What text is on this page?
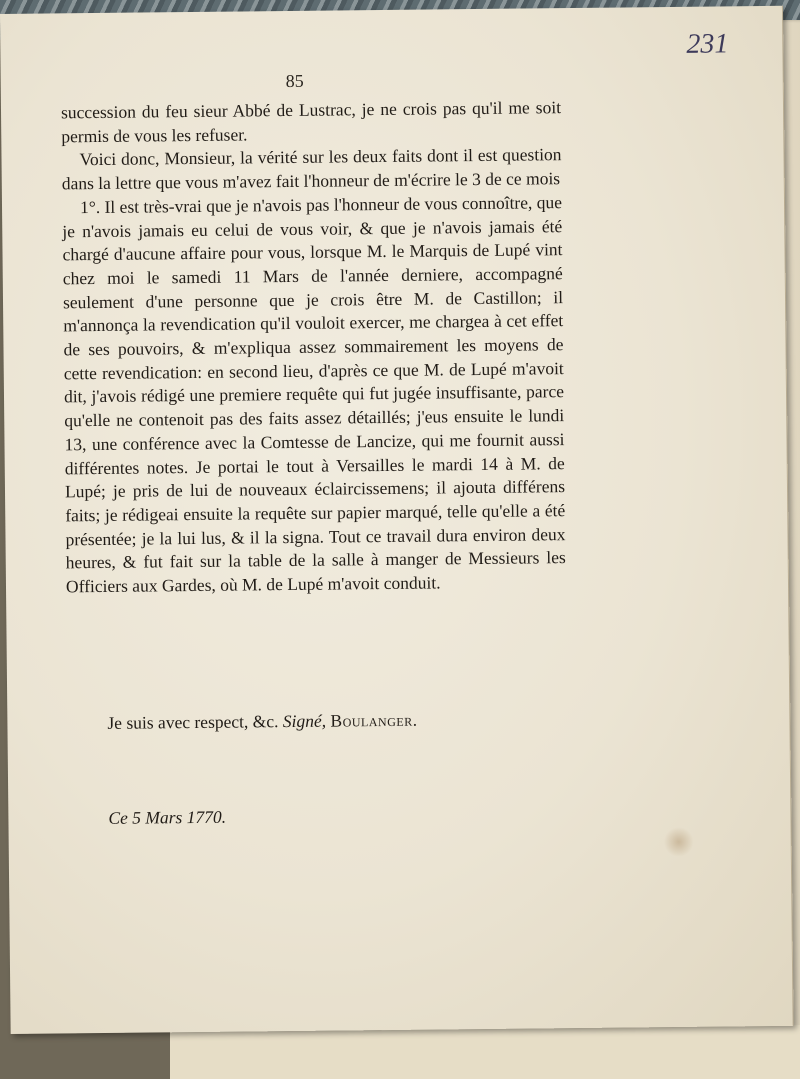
231
85

succession du feu sieur Abbé de Lustrac, je ne crois pas qu'il me soit permis de vous les refuser.

Voici donc, Monsieur, la vérité sur les deux faits dont il est question dans la lettre que vous m'avez fait l'honneur de m'écrire le 3 de ce mois

1°. Il est très-vrai que je n'avois pas l'honneur de vous connoître, que je n'avois jamais eu celui de vous voir, & que je n'avois jamais été chargé d'aucune affaire pour vous, lorsque M. le Marquis de Lupé vint chez moi le samedi 11 Mars de l'année derniere, accompagné seulement d'une personne que je crois être M. de Castillon; il m'annonça la revendication qu'il vouloit exercer, me chargea à cet effet de ses pouvoirs, & m'expliqua assez sommairement les moyens de cette revendication: en second lieu, d'après ce que M. de Lupé m'avoit dit, j'avois rédigé une premiere requête qui fut jugée insuffisante, parce qu'elle ne contenoit pas des faits assez détaillés; j'eus ensuite le lundi 13, une conférence avec la Comtesse de Lancize, qui me fournit aussi différentes notes. Je portai le tout à Versailles le mardi 14 à M. de Lupé; je pris de lui de nouveaux éclaircissemens; il ajouta différens faits; je rédigeai ensuite la requête sur papier marqué, telle qu'elle a été présentée; je la lui lus, & il la signa. Tout ce travail dura environ deux heures, & fut fait sur la table de la salle à manger de Messieurs les Officiers aux Gardes, où M. de Lupé m'avoit conduit.

Je suis avec respect, &c. Signé, Boulanger.
Ce 5 Mars 1770.
